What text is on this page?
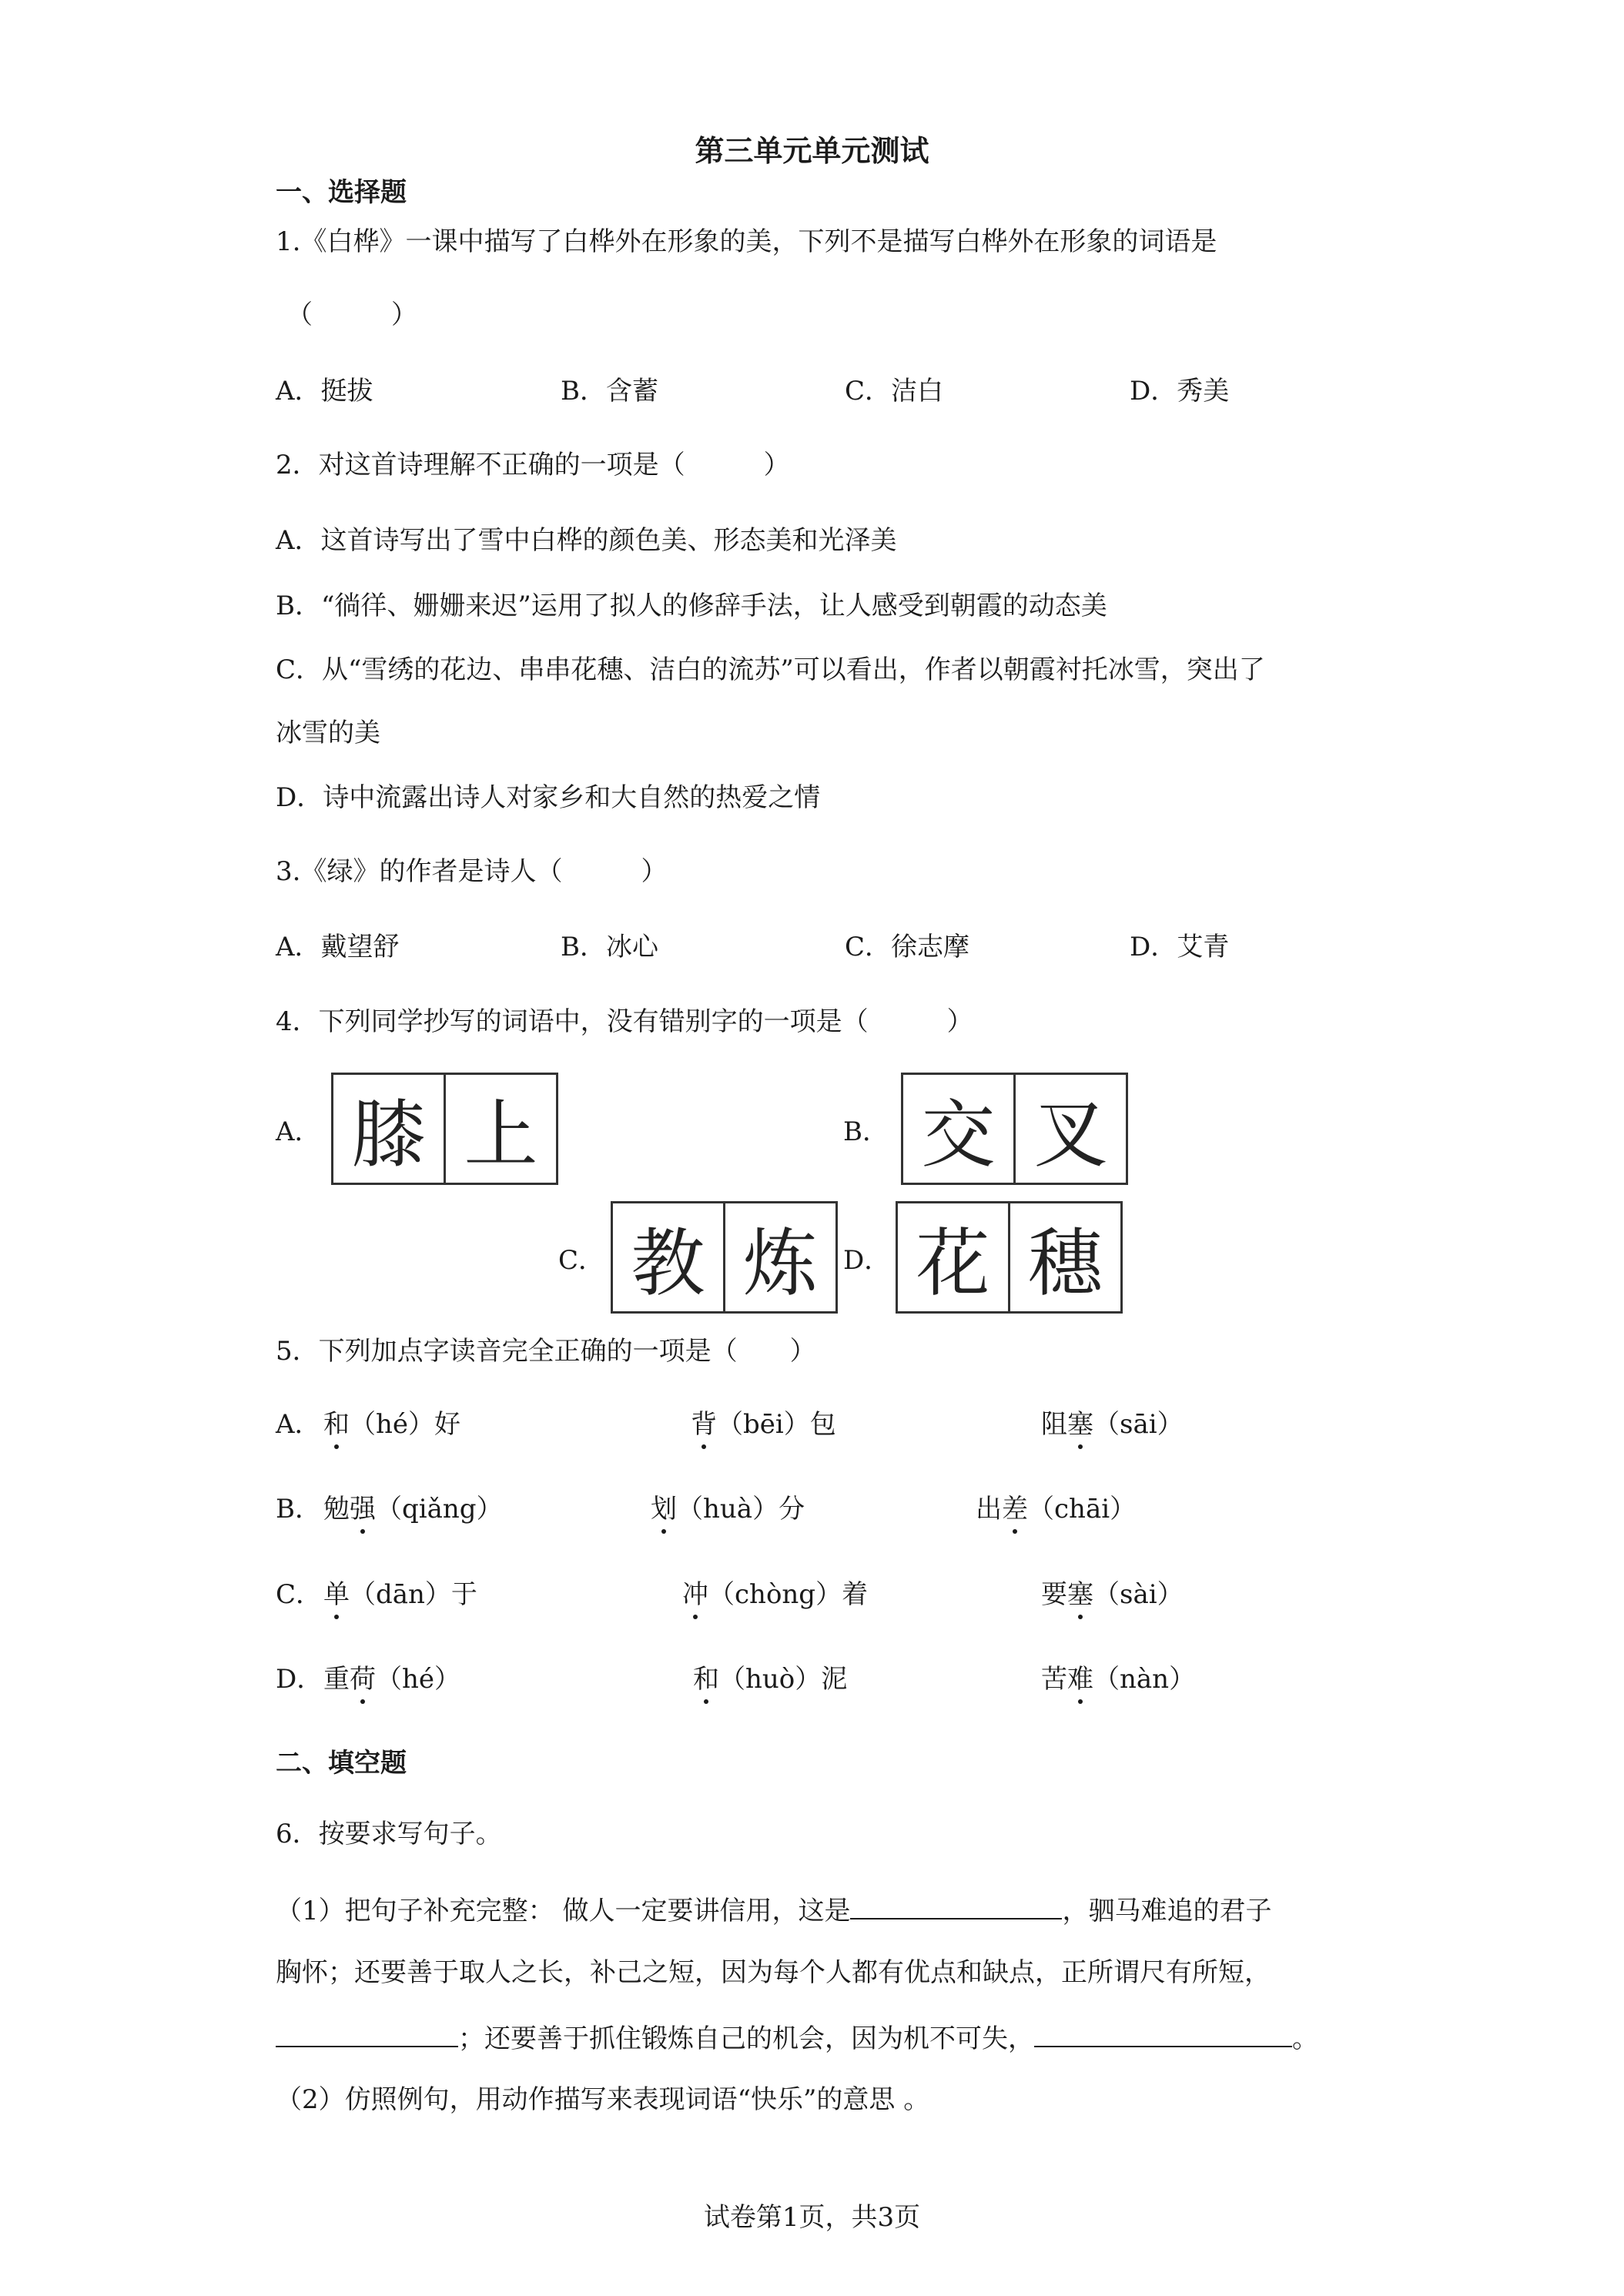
第三单元单元测试
一、选择题
1.《白桦》一课中描写了白桦外在形象的美，下列不是描写白桦外在形象的词语是
（　　　）
A．挺拔	B．含蓄	C．洁白	D．秀美
2．对这首诗理解不正确的一项是（　　　）
A．这首诗写出了雪中白桦的颜色美、形态美和光泽美
B．“徜徉、姗姗来迟”运用了拟人的修辞手法，让人感受到朝霞的动态美
C．从“雪绣的花边、串串花穗、洁白的流苏”可以看出，作者以朝霞衬托冰雪，突出了
冰雪的美
D．诗中流露出诗人对家乡和大自然的热爱之情
3.《绿》的作者是诗人（　　　）
A．戴望舒	B．冰心	C．徐志摩	D．艾青
4．下列同学抄写的词语中，没有错别字的一项是（　　　）
A． 膝 上	B． 交 叉
C． 教 炼 D． 花 穗
5．下列加点字读音完全正确的一项是（　　）
A． 和（hé）好	背（bēi）包	阻塞（sāi）
B． 勉强（qiǎng）	划（huà）分	出差（chāi）
C． 单（dān）于	冲（chòng）着	要塞（sài）
D． 重荷（hé）	和（huò）泥	苦难（nàn）
二、填空题
6．按要求写句子。
（1）把句子补充完整： 做人一定要讲信用，这是	，驷马难追的君子
胸怀；还要善于取人之长，补己之短，因为每个人都有优点和缺点，正所谓尺有所短，
；还要善于抓住锻炼自己的机会，因为机不可失，	。
（2）仿照例句，用动作描写来表现词语“快乐”的意思 。
试卷第1页，共3页
